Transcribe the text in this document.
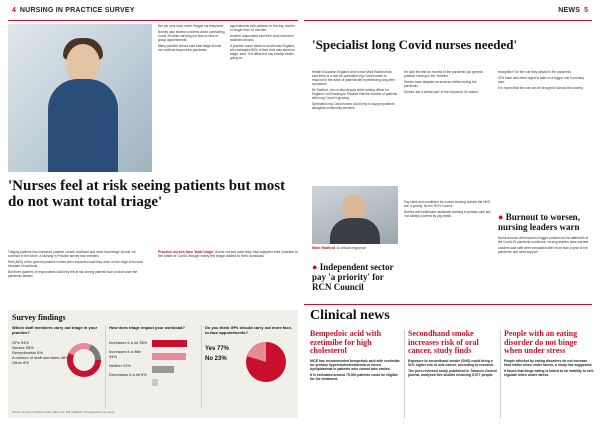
4 NURSING IN PRACTICE SURVEY	NEWS 5

five per cent have never 'triaged via telephone'.

Nurses also shared concerns about contracting Covid-19 when carrying out face-to-face or group appointments.

Many practice nurses said total triage should not continue beyond the pandemic.

appointments with patients on the day, shorter or longer than 10 minutes.

Another respondent said their work had been switched around.

A practice nurse based in south east England, who estimated 80% of their time was spent on triage, said: 'It is difficult to say exactly what's going on.'

'Nurses feel at risk seeing patients but most do not want total triage'

Triaging patients has increased practice nurses' workload and most 'total triage' should not continue in the future, a Nursing in Practice survey has revealed.

Half (48%) of the general practice nurses who responded said they were on the edge of burnout because of workload.

But three-quarters of respondents said they felt at risk seeing patients face to face since the pandemic started.

Practice nurses face 'total triage' Some nurses said they had adapted their practice in the wake of Covid, though many felt triage added to their workload.
Survey findings
Which staff members carry out triage in your practice?
GPs 94%
Nurses 58%
Receptionists 8%
A mixture of staff members 48%
Other 8%
How does triage impact your workload?
Increases it a lot 35%
Increases it a little 34%
Neither 22%
Decreases it a bit 6%
Do you think GPs should carry out more face-to-face appointments?
Yes 77%
No 23%
Source: Nursing in Practice survey. Base size: 249. Fieldwork: 20 respondents via survey.
'Specialist long Covid nurses needed'

Health Education England chief nurse Mark Radford has said there is a role for specialist long Covid nurses to respond to the wave of patients still experiencing long-term symptoms.

Mr Radford, who is also deputy chief nursing officer for England, told Nursing in Practice that the number of patients with long Covid is growing.

Specialist long Covid nurses could help to support patients alongside community services.

He said the first six months of the pandemic put general practice nursing in the 'frontline'.

Nurses have adapted as services shifted during the pandemic.

Nurses 'are a critical part' of the response, he added.

recognition' for the role they played in the pandemic.

GPs have also been urged to take on a bigger role in primary care.

It is hoped that the role can be brought in across the country.

Mark Radford 'A critical response'
● Independent sector pay 'a priority' for RCN Council

Pay rates and conditions for nurses working outside the NHS are 'a priority' for the RCN Council.

Nurses and healthcare assistants working in primary care are 'not always covered by pay deals'.	● Burnout to worsen, nursing leaders warn

Nurse burnout will become a bigger problem as the aftermath of the Covid-19 pandemic continues, nursing leaders have warned.

Leaders said staff were exhausted after more than a year of the pandemic and need support.

Clinical news
Bempedoic acid with ezetimibe for high cholesterol
NICE has recommended bempedoic acid with ezetimibe for primary hypercholesterolaemia or mixed dyslipidaemia in patients who cannot take statins.
It is estimated around 75,000 patients could be eligible for the treatment.
Secondhand smoke increases risk of oral cancer, study finds
Exposure to secondhand smoke (SHS) could bring a 51% higher risk of oral cancer, according to research.
The peer-reviewed study, published in Tobacco Control journal, analysed five studies involving 6,977 people.
People with an eating disorder do not binge when under stress
People affected by eating disorders do not increase food intake when under stress, a study has suggested.
It found that binge eating is linked to an inability to self-regulate when under stress.
